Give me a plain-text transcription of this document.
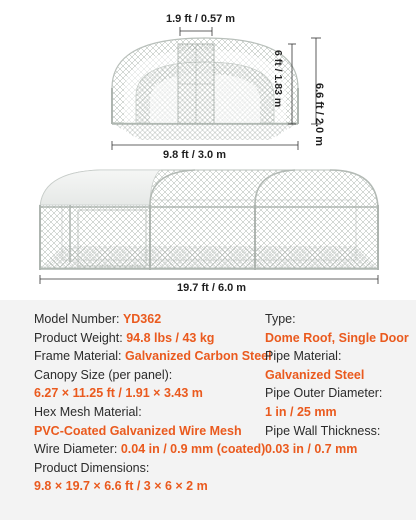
1.9 ft / 0.57 m
6.6 ft / 2.0 m
6 ft / 1.83 m
9.8 ft / 3.0 m
19.7 ft / 6.0 m
Model Number: YD362
Product Weight: 94.8 lbs / 43 kg
Frame Material: Galvanized Carbon Steel
Canopy Size (per panel):
6.27 × 11.25 ft / 1.91 × 3.43 m
Hex Mesh Material:
PVC-Coated Galvanized Wire Mesh
Wire Diameter: 0.04 in / 0.9 mm (coated)
Product Dimensions:
9.8 × 19.7 × 6.6 ft / 3 × 6 × 2 m
Type:
Dome Roof, Single Door
Pipe Material:
Galvanized Steel
Pipe Outer Diameter:
1 in / 25 mm
Pipe Wall Thickness:
0.03 in / 0.7 mm
